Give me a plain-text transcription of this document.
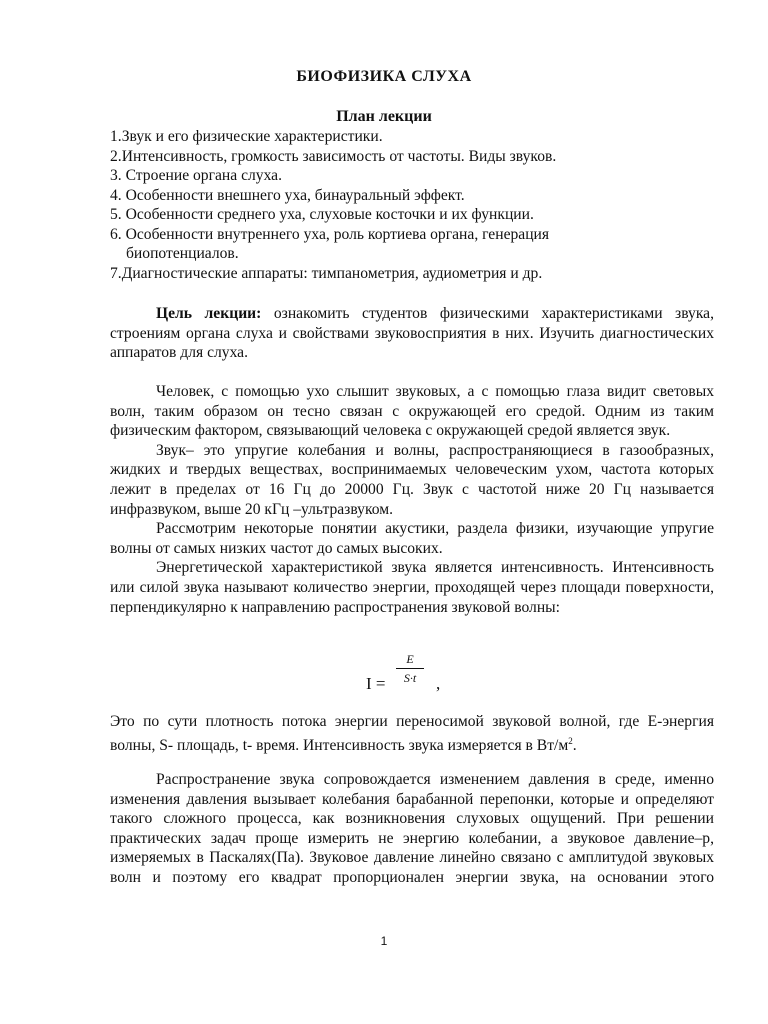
БИОФИЗИКА СЛУХА
План лекции
1.Звук и его физические характеристики.
2.Интенсивность, громкость зависимость от частоты. Виды звуков.
3. Строение органа слуха.
4. Особенности внешнего уха, бинауральный эффект.
5. Особенности среднего уха, слуховые косточки и их функции.
6. Особенности внутреннего уха, роль кортиева органа, генерация
биопотенциалов.
7.Диагностические аппараты: тимпанометрия, аудиометрия и др.

Цель лекции: ознакомить студентов физическими характеристиками звука, строениям органа слуха и свойствами звуковосприятия в них. Изучить диагностических аппаратов для слуха.

Человек, с помощью ухо слышит звуковых, а с помощью глаза видит световых волн, таким образом он тесно связан с окружающей его средой. Одним из таким физическим фактором, связывающий человека с окружающей средой является звук.

Звук– это упругие колебания и волны, распространяющиеся в газообразных, жидких и твердых веществах, воспринимаемых человеческим ухом, частота которых лежит в пределах от 16 Гц до 20000 Гц. Звук с частотой ниже 20 Гц называется инфразвуком, выше 20 кГц –ультразвуком.

Рассмотрим некоторые понятии акустики, раздела физики, изучающие упругие волны от самых низких частот до самых высоких.

Энергетической характеристикой звука является интенсивность. Интенсивность или силой звука называют количество энергии, проходящей через площади поверхности, перпендикулярно к направлению распространения звуковой волны:

I =
E
S·t	,

Это по сути плотность потока энергии переносимой звуковой волной, где Е-энергия волны, S- площадь, t- время. Интенсивность звука измеряется в $Вт/м^2$.

Распространение звука сопровождается изменением давления в среде, именно изменения давления вызывает колебания барабанной перепонки, которые и определяют такого сложного процесса, как возникновения слуховых ощущений. При решении практических задач проще измерить не энергию колебании, а звуковое давление–р, измеряемых в Паскалях(Па). Звуковое давление линейно связано с амплитудой звуковых волн и поэтому его квадрат пропорционален энергии звука, на основании этого

1
